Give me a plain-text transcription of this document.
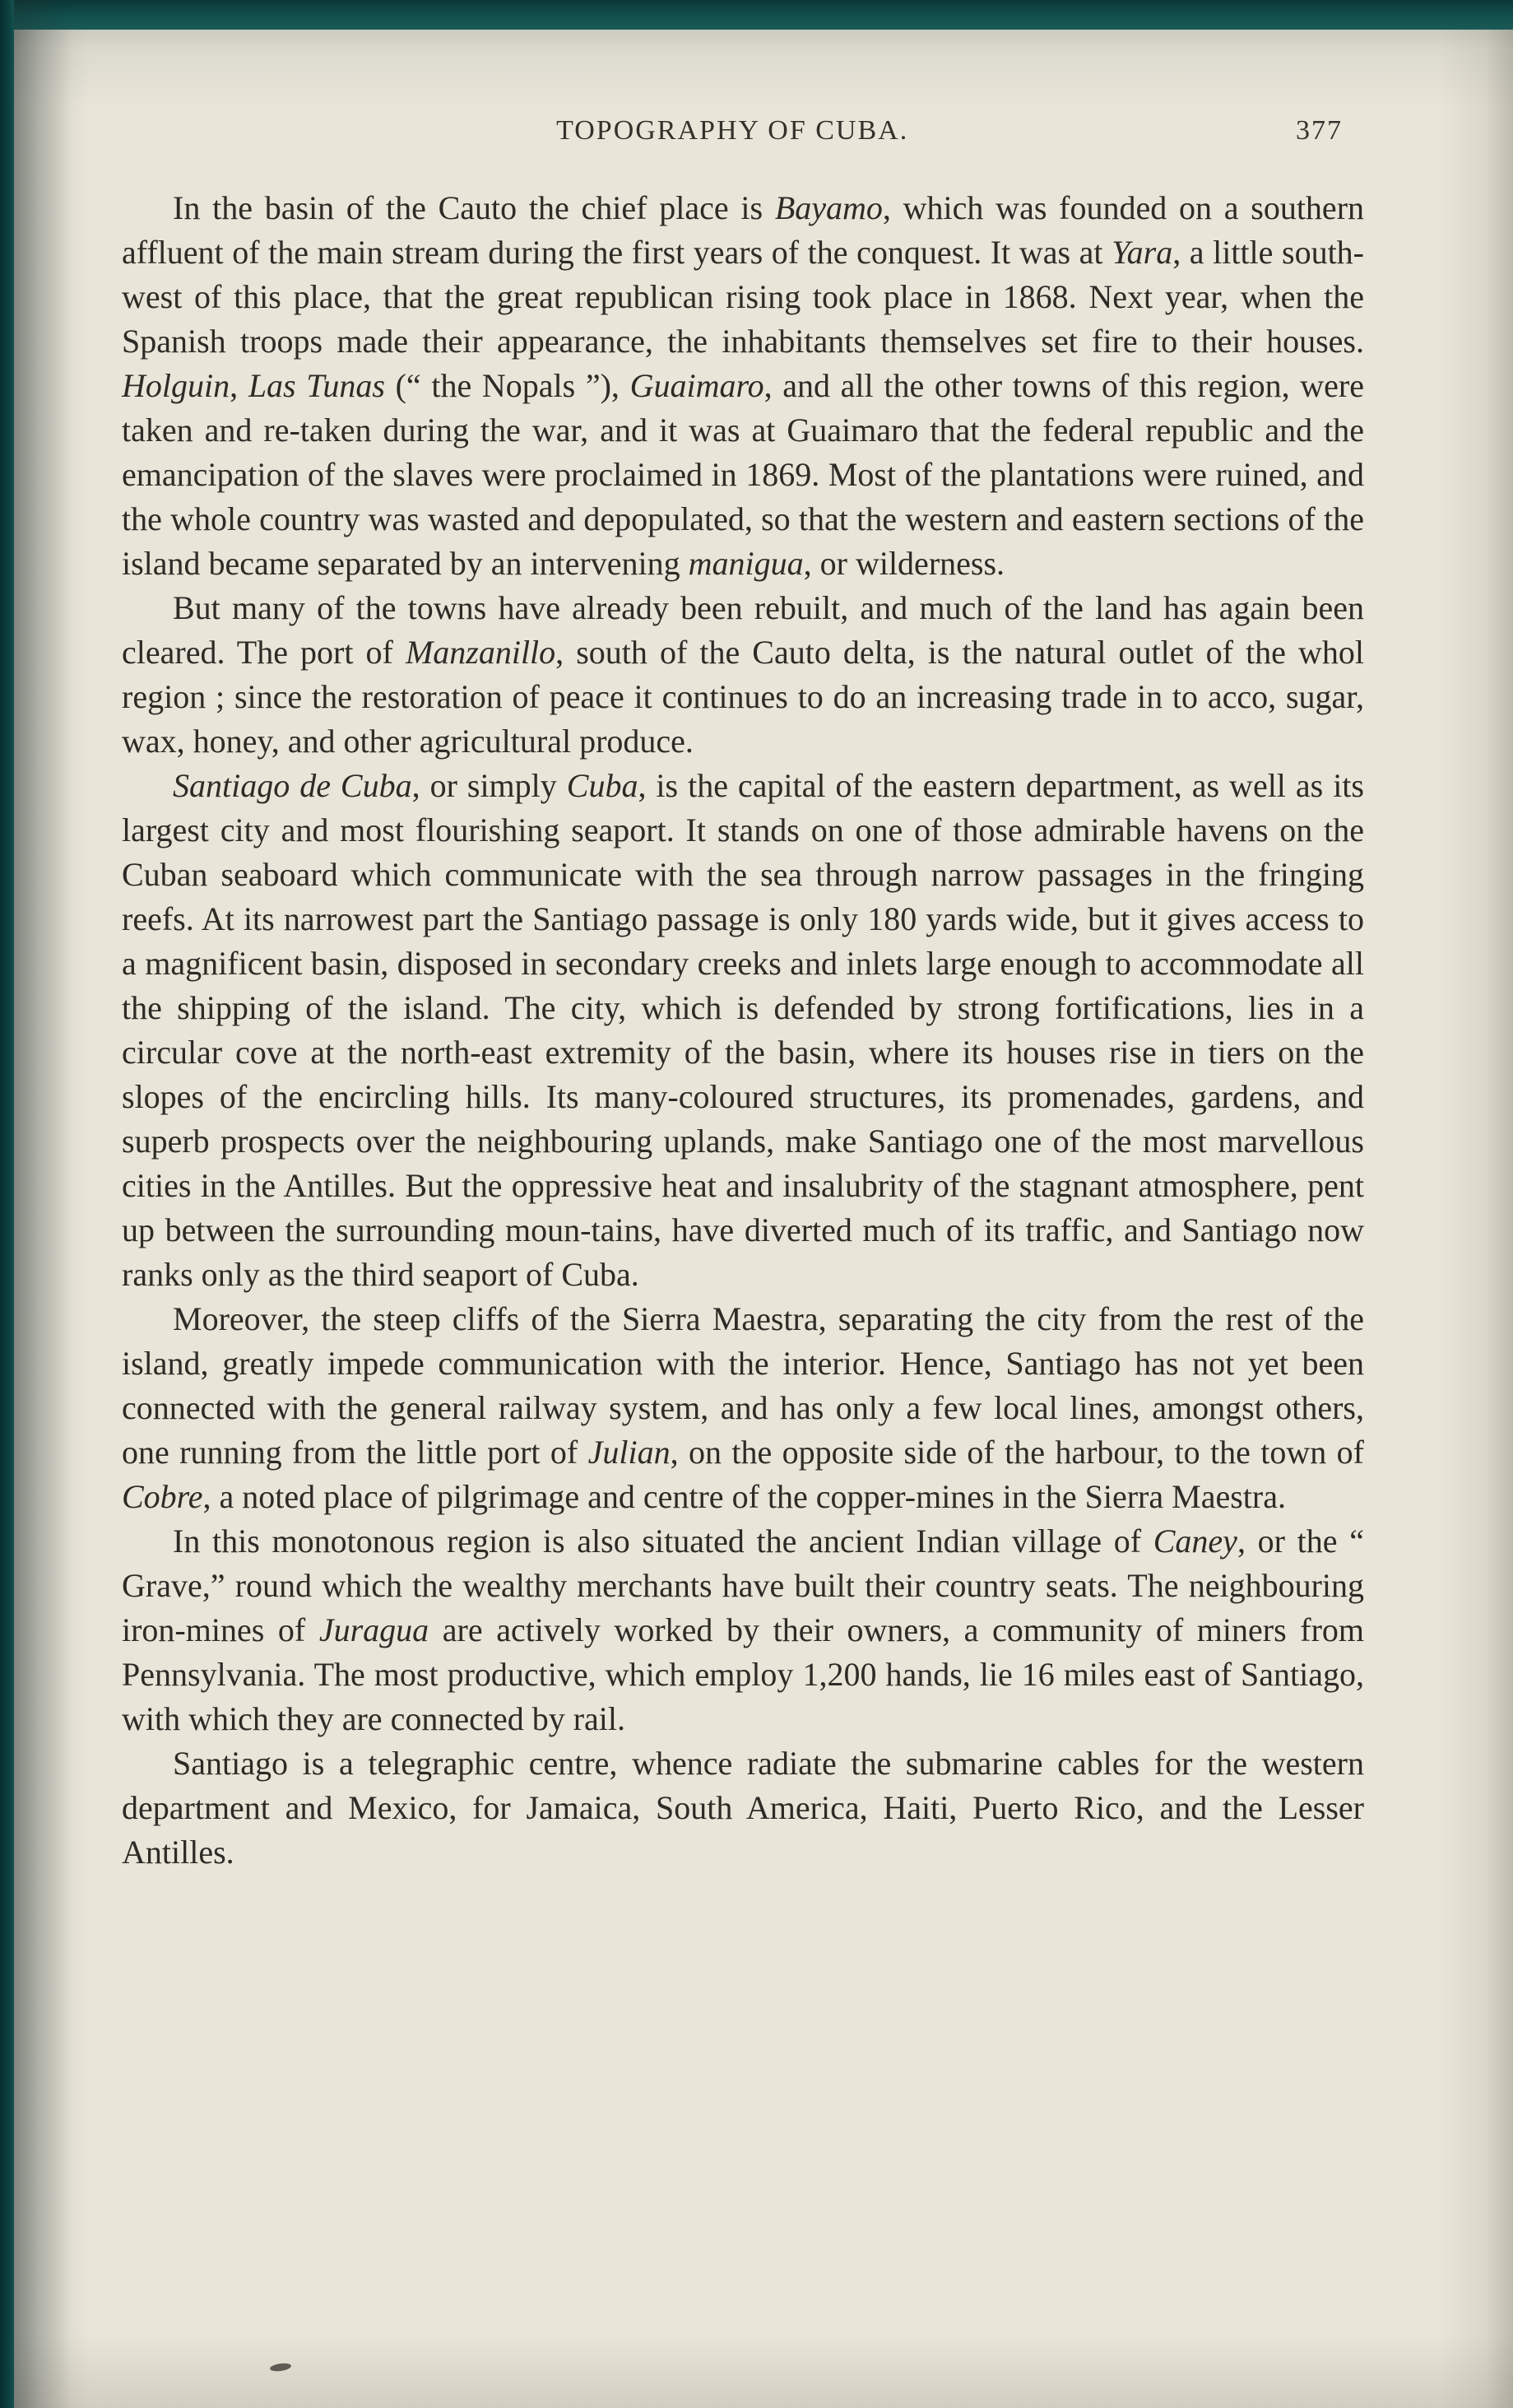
TOPOGRAPHY OF CUBA.	377

In the basin of the Cauto the chief place is Bayamo, which was founded on a southern affluent of the main stream during the first years of the conquest. It was at Yara, a little south-west of this place, that the great republican rising took place in 1868. Next year, when the Spanish troops made their appearance, the inhabitants themselves set fire to their houses. Holguin, Las Tunas (“ the Nopals ”), Guaimaro, and all the other towns of this region, were taken and re-taken during the war, and it was at Guaimaro that the federal republic and the emancipation of the slaves were proclaimed in 1869. Most of the plantations were ruined, and the whole country was wasted and depopulated, so that the western and eastern sections of the island became separated by an intervening manigua, or wilderness.

But many of the towns have already been rebuilt, and much of the land has again been cleared. The port of Manzanillo, south of the Cauto delta, is the natural outlet of the whol region ; since the restoration of peace it continues to do an increasing trade in to acco, sugar, wax, honey, and other agricultural produce.

Santiago de Cuba, or simply Cuba, is the capital of the eastern department, as well as its largest city and most flourishing seaport. It stands on one of those admirable havens on the Cuban seaboard which communicate with the sea through narrow passages in the fringing reefs. At its narrowest part the Santiago passage is only 180 yards wide, but it gives access to a magnificent basin, disposed in secondary creeks and inlets large enough to accommodate all the shipping of the island. The city, which is defended by strong fortifications, lies in a circular cove at the north-east extremity of the basin, where its houses rise in tiers on the slopes of the encircling hills. Its many-coloured structures, its promenades, gardens, and superb prospects over the neighbouring uplands, make Santiago one of the most marvellous cities in the Antilles. But the oppressive heat and insalubrity of the stagnant atmosphere, pent up between the surrounding moun-tains, have diverted much of its traffic, and Santiago now ranks only as the third seaport of Cuba.

Moreover, the steep cliffs of the Sierra Maestra, separating the city from the rest of the island, greatly impede communication with the interior. Hence, Santiago has not yet been connected with the general railway system, and has only a few local lines, amongst others, one running from the little port of Julian, on the opposite side of the harbour, to the town of Cobre, a noted place of pilgrimage and centre of the copper-mines in the Sierra Maestra.

In this monotonous region is also situated the ancient Indian village of Caney, or the “ Grave,” round which the wealthy merchants have built their country seats. The neighbouring iron-mines of Juragua are actively worked by their owners, a community of miners from Pennsylvania. The most productive, which employ 1,200 hands, lie 16 miles east of Santiago, with which they are connected by rail.

Santiago is a telegraphic centre, whence radiate the submarine cables for the western department and Mexico, for Jamaica, South America, Haiti, Puerto Rico, and the Lesser Antilles.
